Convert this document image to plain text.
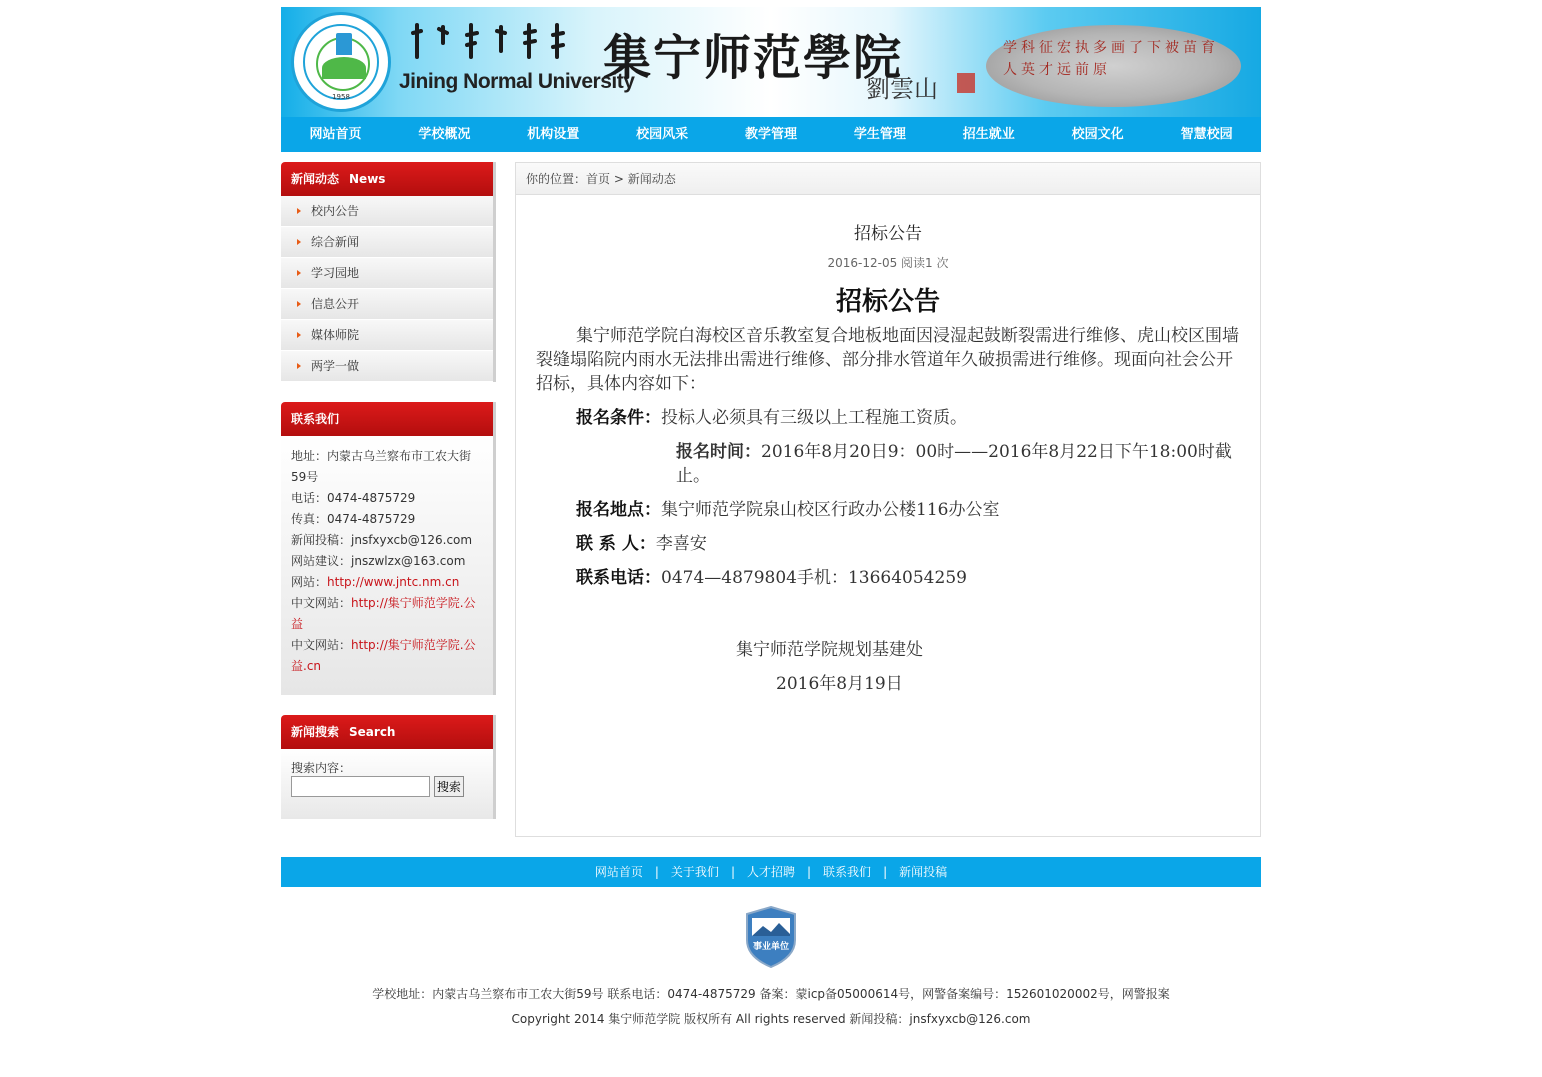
1958
Jining Normal University
集宁师范學院
劉雲山
学科征宏执多画了下被苗育人英才远前原
网站首页	学校概况	机构设置	校园风采	教学管理	学生管理	招生就业	校园文化	智慧校园
新闻动态 News
校内公告
综合新闻
学习园地
信息公开
媒体师院
两学一做
联系我们
地址：内蒙古乌兰察布市工农大街59号
电话：0474-4875729
传真：0474-4875729
新闻投稿：jnsfxyxcb@126.com
网站建议：jnszwlzx@163.com
网站：http://www.jntc.nm.cn
中文网站：http://集宁师范学院.公益
中文网站：http://集宁师范学院.公益.cn
新闻搜索 Search
搜索内容：
搜索
你的位置：首页 > 新闻动态
招标公告
2016-12-05 阅读1 次
招标公告
集宁师范学院白海校区音乐教室复合地板地面因浸湿起鼓断裂需进行维修、虎山校区围墙裂缝塌陷院内雨水无法排出需进行维修、部分排水管道年久破损需进行维修。现面向社会公开招标，具体内容如下：
报名条件：投标人必须具有三级以上工程施工资质。
报名时间：2016年8月20日9：00时——2016年8月22日下午18:00时截止。
报名地点：集宁师范学院泉山校区行政办公楼116办公室
联 系 人：李喜安
联系电话：0474—4879804手机：13664054259
集宁师范学院规划基建处
2016年8月19日
网站首页 | 关于我们 | 人才招聘 | 联系我们 | 新闻投稿
事业单位
学校地址：内蒙古乌兰察布市工农大街59号 联系电话：0474-4875729 备案：蒙icp备05000614号，网警备案编号：152601020002号，网警报案
Copyright 2014 集宁师范学院 版权所有 All rights reserved 新闻投稿：jnsfxyxcb@126.com
